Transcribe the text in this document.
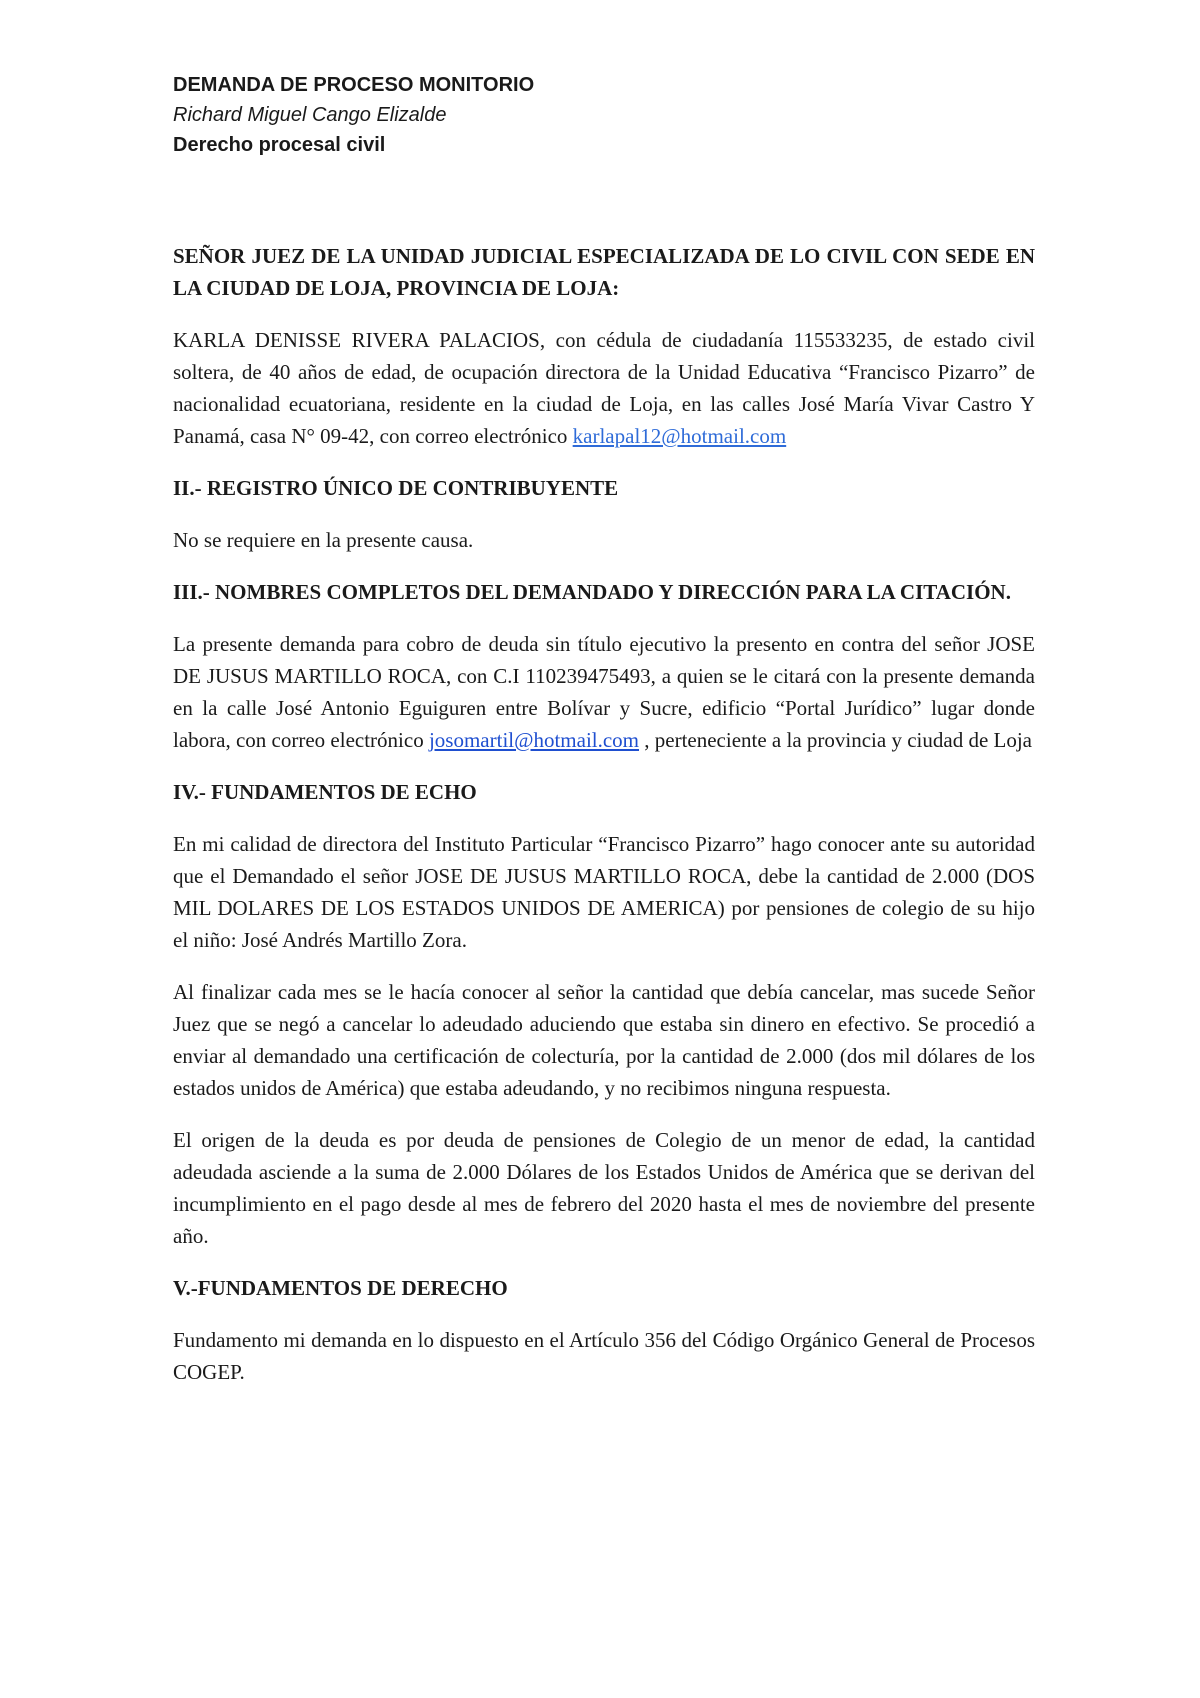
DEMANDA DE PROCESO MONITORIO
Richard Miguel Cango Elizalde
Derecho procesal civil

SEÑOR JUEZ DE LA UNIDAD JUDICIAL ESPECIALIZADA DE LO CIVIL CON SEDE EN LA CIUDAD DE LOJA, PROVINCIA DE LOJA:

KARLA DENISSE RIVERA PALACIOS, con cédula de ciudadanía 115533235, de estado civil soltera, de 40 años de edad, de ocupación directora de la Unidad Educativa “Francisco Pizarro” de nacionalidad ecuatoriana, residente en la ciudad de Loja, en las calles José María Vivar Castro Y Panamá, casa N° 09-42, con correo electrónico karlapal12@hotmail.com

II.- REGISTRO ÚNICO DE CONTRIBUYENTE

No se requiere en la presente causa.

III.- NOMBRES COMPLETOS DEL DEMANDADO Y DIRECCIÓN PARA LA CITACIÓN.

La presente demanda para cobro de deuda sin título ejecutivo la presento en contra del señor JOSE DE JUSUS MARTILLO ROCA, con C.I 110239475493, a quien se le citará con la presente demanda en la calle José Antonio Eguiguren entre Bolívar y Sucre, edificio “Portal Jurídico” lugar donde labora, con correo electrónico josomartil@hotmail.com , perteneciente a la provincia y ciudad de Loja

IV.- FUNDAMENTOS DE ECHO

En mi calidad de directora del Instituto Particular “Francisco Pizarro” hago conocer ante su autoridad que el Demandado el señor JOSE DE JUSUS MARTILLO ROCA, debe la cantidad de 2.000 (DOS MIL DOLARES DE LOS ESTADOS UNIDOS DE AMERICA) por pensiones de colegio de su hijo el niño: José Andrés Martillo Zora.

Al finalizar cada mes se le hacía conocer al señor la cantidad que debía cancelar, mas sucede Señor Juez que se negó a cancelar lo adeudado aduciendo que estaba sin dinero en efectivo. Se procedió a enviar al demandado una certificación de colecturía, por la cantidad de 2.000 (dos mil dólares de los estados unidos de América) que estaba adeudando, y no recibimos ninguna respuesta.

El origen de la deuda es por deuda de pensiones de Colegio de un menor de edad, la cantidad adeudada asciende a la suma de 2.000 Dólares de los Estados Unidos de América que se derivan del incumplimiento en el pago desde al mes de febrero del 2020 hasta el mes de noviembre del presente año.

V.-FUNDAMENTOS DE DERECHO

Fundamento mi demanda en lo dispuesto en el Artículo 356 del Código Orgánico General de Procesos COGEP.
